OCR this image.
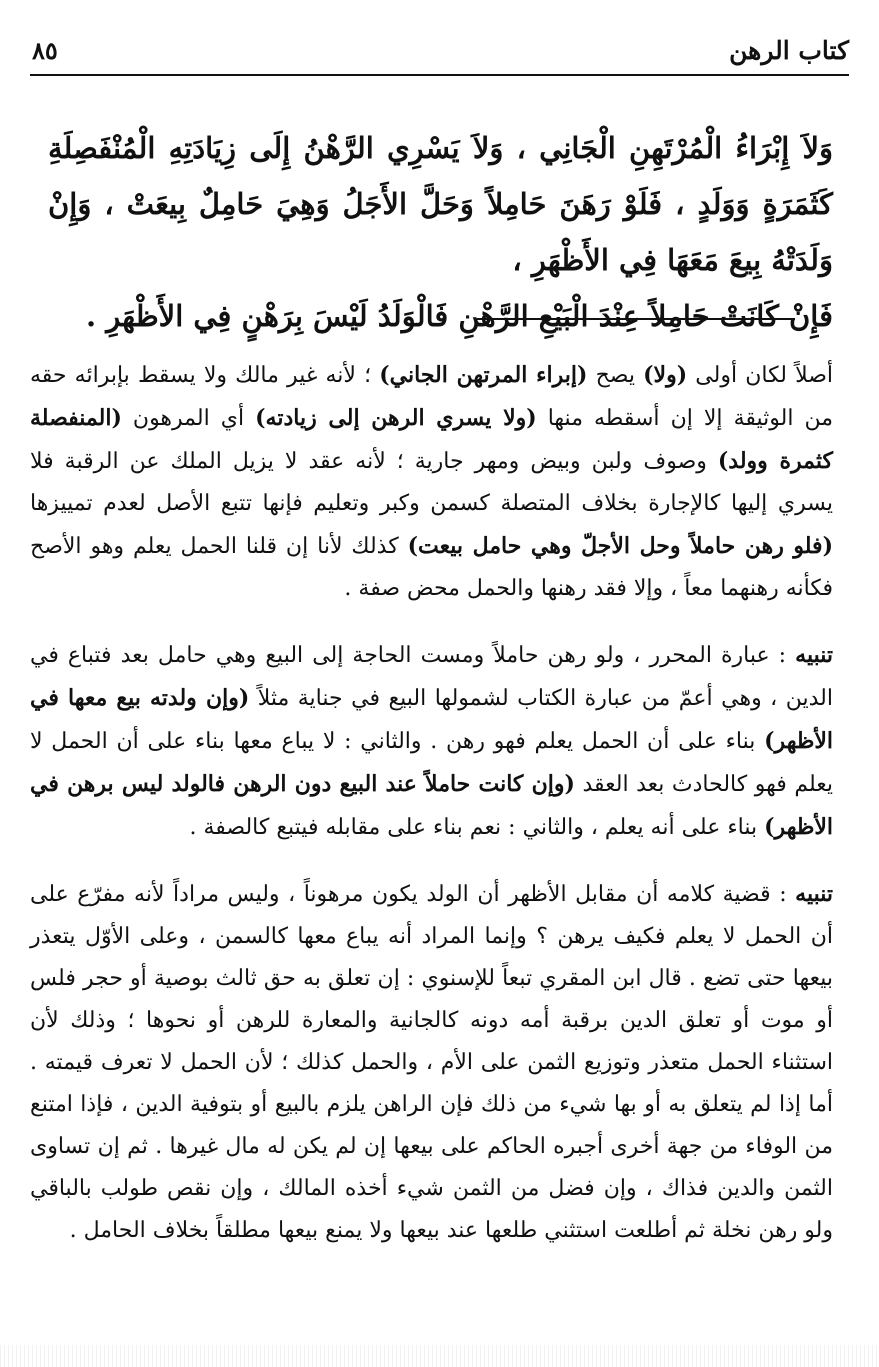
كتاب الرهن
٨٥

وَلاَ إِبْرَاءُ الْمُرْتَهِنِ الْجَانِي ، وَلاَ يَسْرِي الرَّهْنُ إِلَى زِيَادَتِهِ الْمُنْفَصِلَةِ كَثَمَرَةٍ وَوَلَدٍ ، فَلَوْ رَهَنَ حَامِلاً وَحَلَّ الأَجَلُ وَهِيَ حَامِلٌ بِيعَتْ ، وَإِنْ وَلَدَتْهُ بِيعَ مَعَهَا فِي الأَظْهَرِ ،

فَإِنْ كَانَتْ حَامِلاً عِنْدَ الْبَيْعِ الرَّهْنِ فَالْوَلَدُ لَيْسَ بِرَهْنٍ فِي الأَظْهَرِ .

أصلاً لكان أولى (ولا) يصح (إبراء المرتهن الجاني) ؛ لأنه غير مالك ولا يسقط بإبرائه حقه من الوثيقة إلا إن أسقطه منها (ولا يسري الرهن إلى زيادته) أي المرهون (المنفصلة كثمرة وولد) وصوف ولبن وبيض ومهر جارية ؛ لأنه عقد لا يزيل الملك عن الرقبة فلا يسري إليها كالإجارة بخلاف المتصلة كسمن وكبر وتعليم فإنها تتبع الأصل لعدم تمييزها (فلو رهن حاملاً وحل الأجلّ وهي حامل بيعت) كذلك لأنا إن قلنا الحمل يعلم وهو الأصح فكأنه رهنهما معاً ، وإلا فقد رهنها والحمل محض صفة .

تنبيه : عبارة المحرر ، ولو رهن حاملاً ومست الحاجة إلى البيع وهي حامل بعد فتباع في الدين ، وهي أعمّ من عبارة الكتاب لشمولها البيع في جناية مثلاً (وإن ولدته بيع معها في الأظهر) بناء على أن الحمل يعلم فهو رهن . والثاني : لا يباع معها بناء على أن الحمل لا يعلم فهو كالحادث بعد العقد (وإن كانت حاملاً عند البيع دون الرهن فالولد ليس برهن في الأظهر) بناء على أنه يعلم ، والثاني : نعم بناء على مقابله فيتبع كالصفة .

تنبيه : قضية كلامه أن مقابل الأظهر أن الولد يكون مرهوناً ، وليس مراداً لأنه مفرّع على أن الحمل لا يعلم فكيف يرهن ؟ وإنما المراد أنه يباع معها كالسمن ، وعلى الأوّل يتعذر بيعها حتى تضع . قال ابن المقري تبعاً للإسنوي : إن تعلق به حق ثالث بوصية أو حجر فلس أو موت أو تعلق الدين برقبة أمه دونه كالجانية والمعارة للرهن أو نحوها ؛ وذلك لأن استثناء الحمل متعذر وتوزيع الثمن على الأم ، والحمل كذلك ؛ لأن الحمل لا تعرف قيمته . أما إذا لم يتعلق به أو بها شيء من ذلك فإن الراهن يلزم بالبيع أو بتوفية الدين ، فإذا امتنع من الوفاء من جهة أخرى أجبره الحاكم على بيعها إن لم يكن له مال غيرها . ثم إن تساوى الثمن والدين فذاك ، وإن فضل من الثمن شيء أخذه المالك ، وإن نقص طولب بالباقي ولو رهن نخلة ثم أطلعت استثني طلعها عند بيعها ولا يمنع بيعها مطلقاً بخلاف الحامل .
